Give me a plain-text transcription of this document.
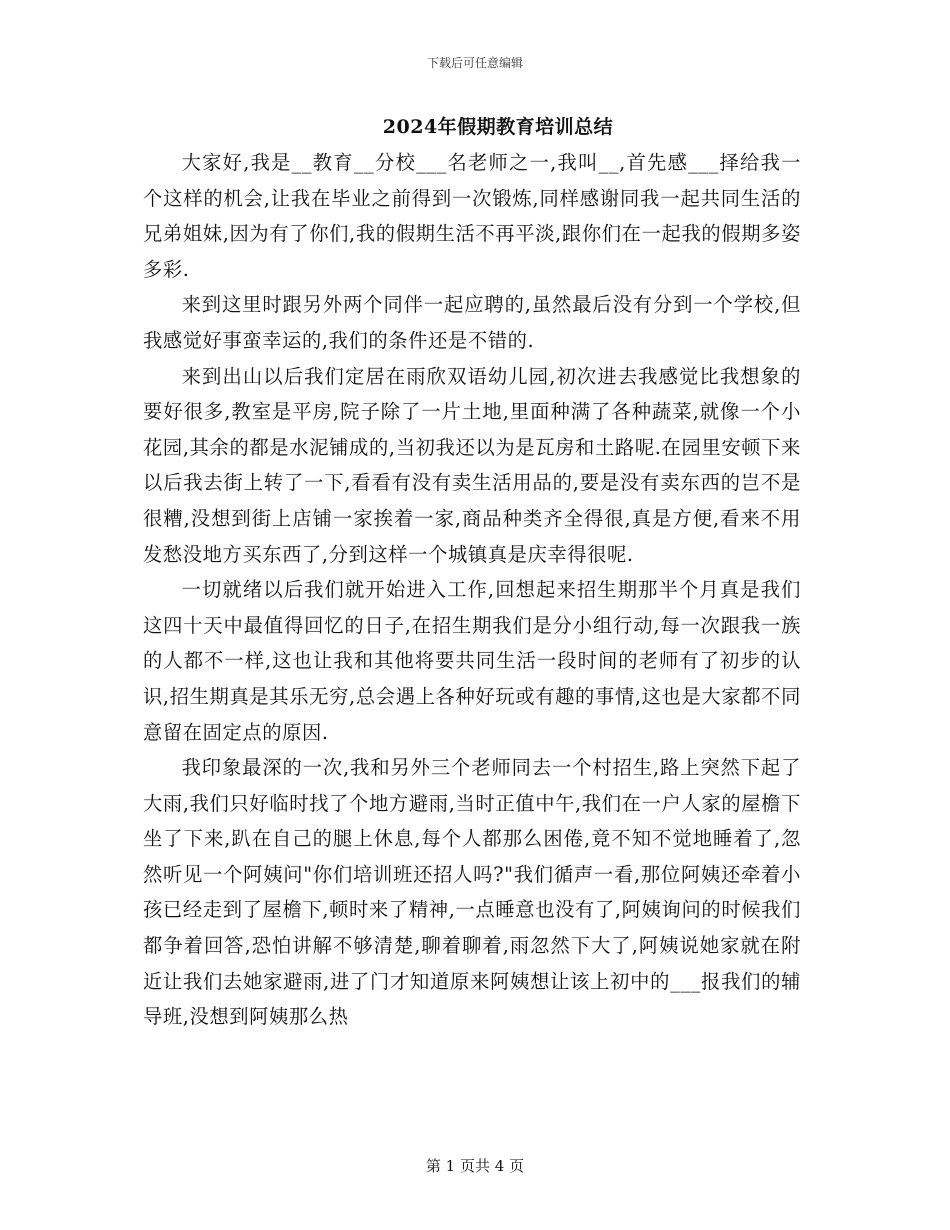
下载后可任意编辑
2024年假期教育培训总结

大家好,我是__教育__分校___名老师之一,我叫__,首先感___择给我一个这样的机会,让我在毕业之前得到一次锻炼,同样感谢同我一起共同生活的兄弟姐妹,因为有了你们,我的假期生活不再平淡,跟你们在一起我的假期多姿多彩.

来到这里时跟另外两个同伴一起应聘的,虽然最后没有分到一个学校,但我感觉好事蛮幸运的,我们的条件还是不错的.

来到出山以后我们定居在雨欣双语幼儿园,初次进去我感觉比我想象的要好很多,教室是平房,院子除了一片土地,里面种满了各种蔬菜,就像一个小花园,其余的都是水泥铺成的,当初我还以为是瓦房和土路呢.在园里安顿下来以后我去街上转了一下,看看有没有卖生活用品的,要是没有卖东西的岂不是很糟,没想到街上店铺一家挨着一家,商品种类齐全得很,真是方便,看来不用发愁没地方买东西了,分到这样一个城镇真是庆幸得很呢.

一切就绪以后我们就开始进入工作,回想起来招生期那半个月真是我们这四十天中最值得回忆的日子,在招生期我们是分小组行动,每一次跟我一族的人都不一样,这也让我和其他将要共同生活一段时间的老师有了初步的认识,招生期真是其乐无穷,总会遇上各种好玩或有趣的事情,这也是大家都不同意留在固定点的原因.

我印象最深的一次,我和另外三个老师同去一个村招生,路上突然下起了大雨,我们只好临时找了个地方避雨,当时正值中午,我们在一户人家的屋檐下坐了下来,趴在自己的腿上休息,每个人都那么困倦,竟不知不觉地睡着了,忽然听见一个阿姨问"你们培训班还招人吗?"我们循声一看,那位阿姨还牵着小孩已经走到了屋檐下,顿时来了精神,一点睡意也没有了,阿姨询问的时候我们都争着回答,恐怕讲解不够清楚,聊着聊着,雨忽然下大了,阿姨说她家就在附近让我们去她家避雨,进了门才知道原来阿姨想让该上初中的___报我们的辅导班,没想到阿姨那么热

第 1 页共 4 页
